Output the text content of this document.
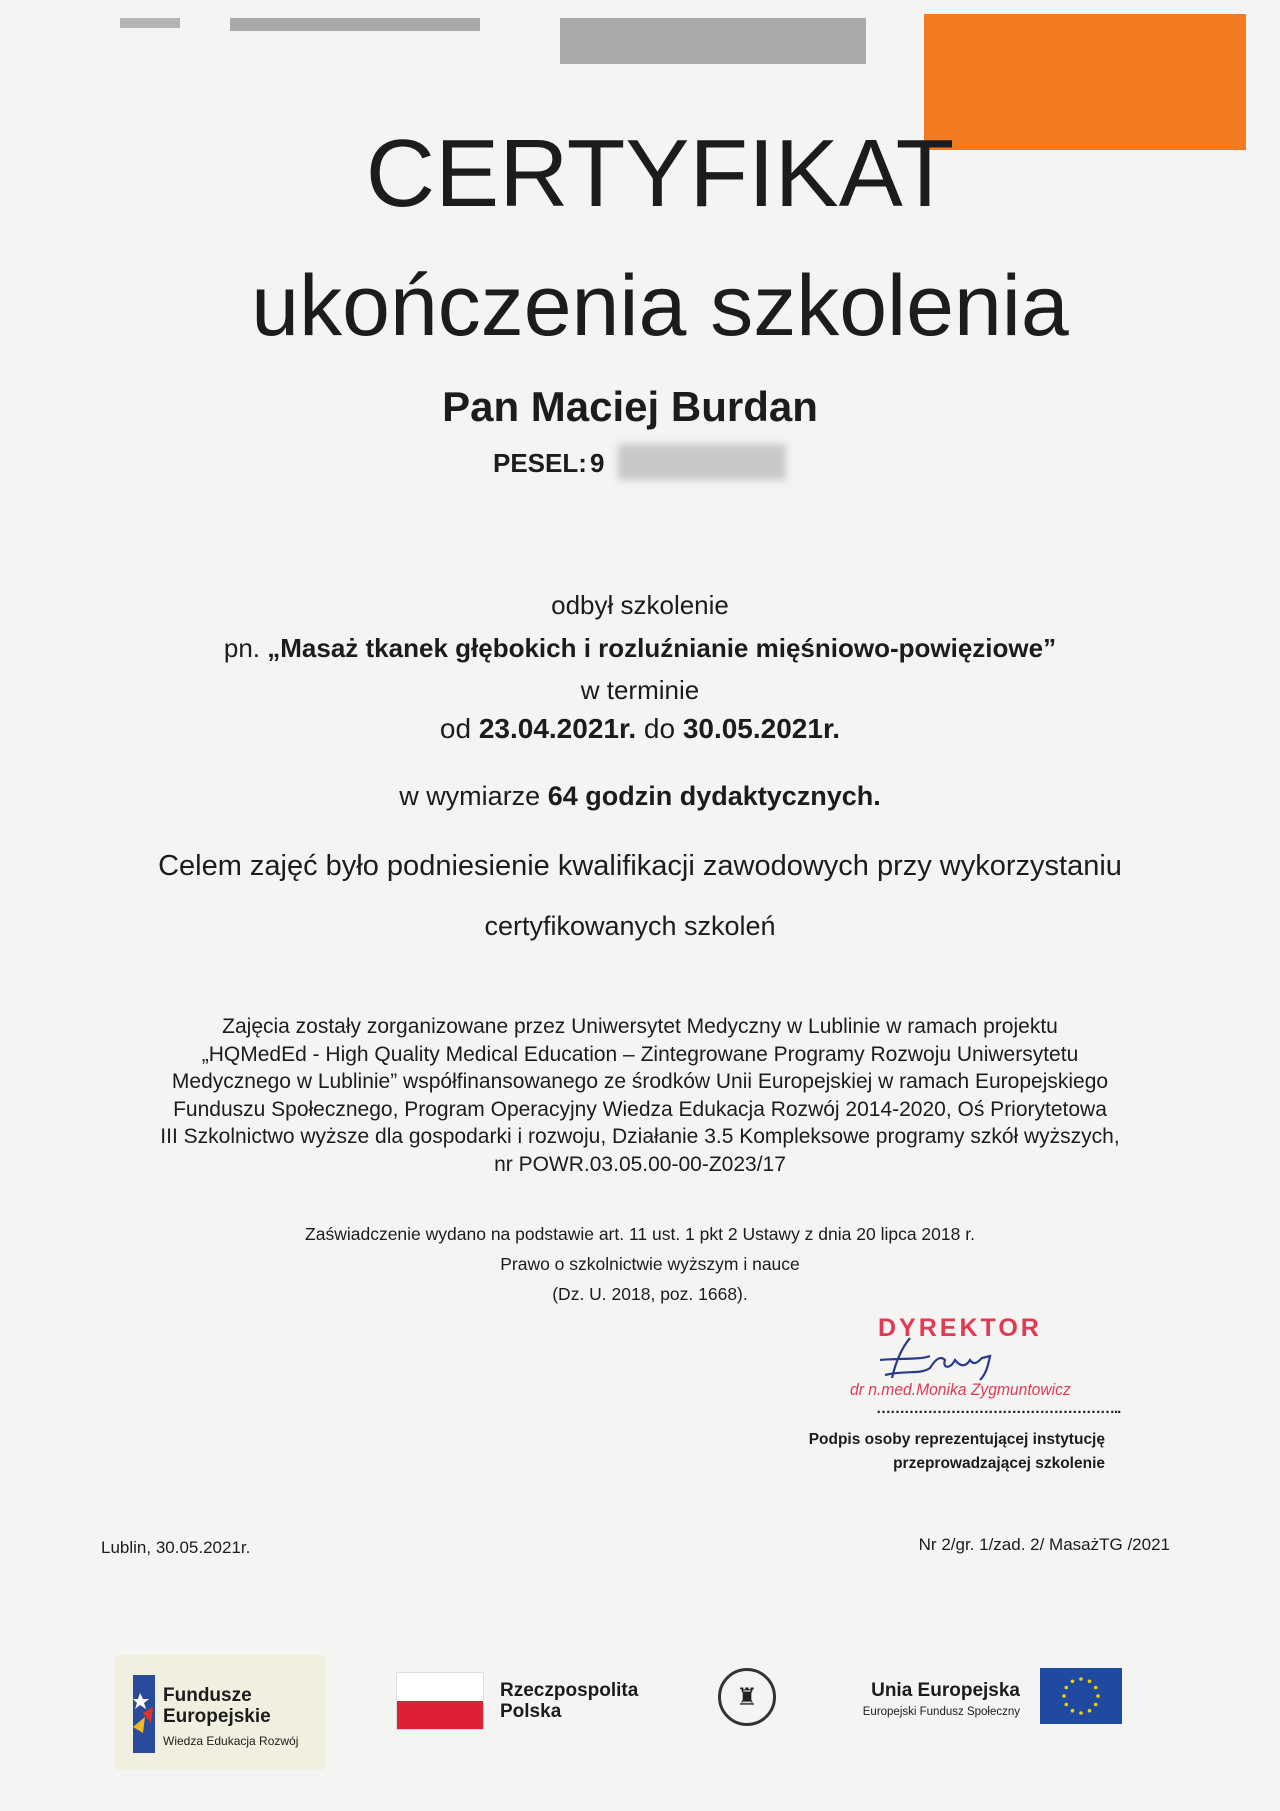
CERTYFIKAT
ukończenia szkolenia
Pan Maciej Burdan
PESEL: 9
odbył szkolenie
pn. „Masaż tkanek głębokich i rozluźnianie mięśniowo-powięziowe”
w terminie
od 23.04.2021r. do 30.05.2021r.
w wymiarze 64 godzin dydaktycznych.
Celem zajęć było podniesienie kwalifikacji zawodowych przy wykorzystaniu
certyfikowanych szkoleń
Zajęcia zostały zorganizowane przez Uniwersytet Medyczny w Lublinie w ramach projektu
„HQMedEd - High Quality Medical Education – Zintegrowane Programy Rozwoju Uniwersytetu
Medycznego w Lublinie” współfinansowanego ze środków Unii Europejskiej w ramach Europejskiego
Funduszu Społecznego, Program Operacyjny Wiedza Edukacja Rozwój 2014-2020, Oś Priorytetowa
III Szkolnictwo wyższe dla gospodarki i rozwoju, Działanie 3.5 Kompleksowe programy szkół wyższych,
nr POWR.03.05.00-00-Z023/17
Zaświadczenie wydano na podstawie art. 11 ust. 1 pkt 2 Ustawy z dnia 20 lipca 2018 r.
Prawo o szkolnictwie wyższym i nauce
(Dz. U. 2018, poz. 1668).
DYREKTOR
dr n.med.Monika Zygmuntowicz
……………………………………………..
Podpis osoby reprezentującej instytucję
przeprowadzającej szkolenie
Lublin, 30.05.2021r.	Nr 2/gr. 1/zad. 2/ MasażTG /2021
Fundusze
Europejskie
Wiedza Edukacja Rozwój
Rzeczpospolita
Polska
♜	Unia Europejska
Europejski Fundusz Społeczny
